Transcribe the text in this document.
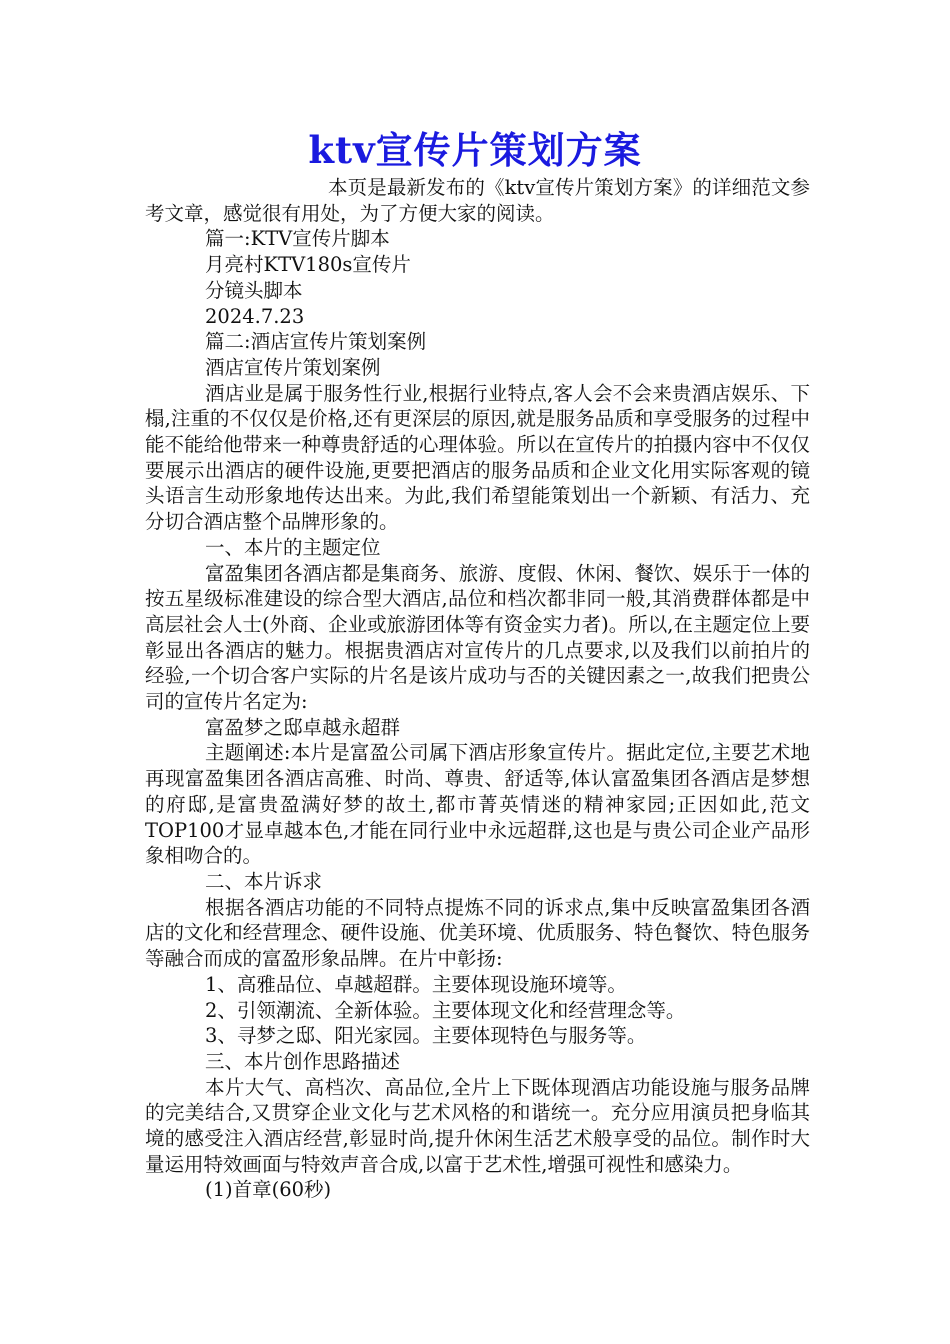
ktv宣传片策划方案

本页是最新发布的《ktv宣传片策划方案》的详细范文参考文章，感觉很有用处，为了方便大家的阅读。

篇一:KTV宣传片脚本

月亮村KTV180s宣传片

分镜头脚本

2024.7.23

篇二:酒店宣传片策划案例

酒店宣传片策划案例

酒店业是属于服务性行业,根据行业特点,客人会不会来贵酒店娱乐、下榻,注重的不仅仅是价格,还有更深层的原因,就是服务品质和享受服务的过程中能不能给他带来一种尊贵舒适的心理体验。所以在宣传片的拍摄内容中不仅仅要展示出酒店的硬件设施,更要把酒店的服务品质和企业文化用实际客观的镜头语言生动形象地传达出来。为此,我们希望能策划出一个新颖、有活力、充分切合酒店整个品牌形象的。

一、本片的主题定位

富盈集团各酒店都是集商务、旅游、度假、休闲、餐饮、娱乐于一体的按五星级标准建设的综合型大酒店,品位和档次都非同一般,其消费群体都是中高层社会人士(外商、企业或旅游团体等有资金实力者)。所以,在主题定位上要彰显出各酒店的魅力。根据贵酒店对宣传片的几点要求,以及我们以前拍片的经验,一个切合客户实际的片名是该片成功与否的关键因素之一,故我们把贵公司的宣传片名定为:

富盈梦之邸卓越永超群

主题阐述:本片是富盈公司属下酒店形象宣传片。据此定位,主要艺术地再现富盈集团各酒店高雅、时尚、尊贵、舒适等,体认富盈集团各酒店是梦想的府邸,是富贵盈满好梦的故土,都市菁英情迷的精神家园;正因如此,范文TOP100才显卓越本色,才能在同行业中永远超群,这也是与贵公司企业产品形象相吻合的。

二、本片诉求

根据各酒店功能的不同特点提炼不同的诉求点,集中反映富盈集团各酒店的文化和经营理念、硬件设施、优美环境、优质服务、特色餐饮、特色服务等融合而成的富盈形象品牌。在片中彰扬:

1、高雅品位、卓越超群。主要体现设施环境等。

2、引领潮流、全新体验。主要体现文化和经营理念等。

3、寻梦之邸、阳光家园。主要体现特色与服务等。

三、本片创作思路描述

本片大气、高档次、高品位,全片上下既体现酒店功能设施与服务品牌的完美结合,又贯穿企业文化与艺术风格的和谐统一。充分应用演员把身临其境的感受注入酒店经营,彰显时尚,提升休闲生活艺术般享受的品位。制作时大量运用特效画面与特效声音合成,以富于艺术性,增强可视性和感染力。

(1)首章(60秒)
